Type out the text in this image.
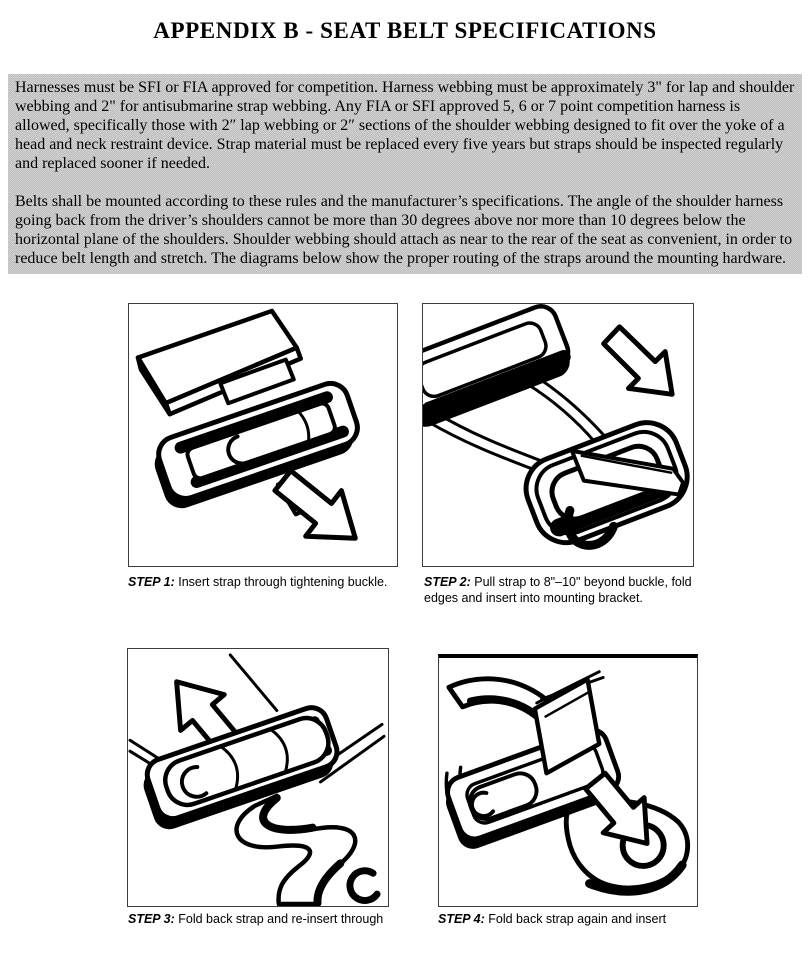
APPENDIX B - SEAT BELT SPECIFICATIONS

Harnesses must be SFI or FIA approved for competition. Harness webbing must be approximately 3" for lap and shoulder webbing and 2" for antisubmarine strap webbing. Any FIA or SFI approved 5, 6 or 7 point competition harness is allowed, specifically those with 2″ lap webbing or 2″ sections of the shoulder webbing designed to fit over the yoke of a head and neck restraint device. Strap material must be replaced every five years but straps should be inspected regularly and replaced sooner if needed.

Belts shall be mounted according to these rules and the manufacturer’s specifications. The angle of the shoulder harness going back from the driver’s shoulders cannot be more than 30 degrees above nor more than 10 degrees below the horizontal plane of the shoulders. Shoulder webbing should attach as near to the rear of the seat as convenient, in order to reduce belt length and stretch. The diagrams below show the proper routing of the straps around the mounting hardware.

STEP 1: Insert strap through tightening buckle.	STEP 2: Pull strap to 8"–10" beyond buckle, fold edges and insert into mounting bracket.
STEP 3: Fold back strap and re-insert through	STEP 4: Fold back strap again and insert
